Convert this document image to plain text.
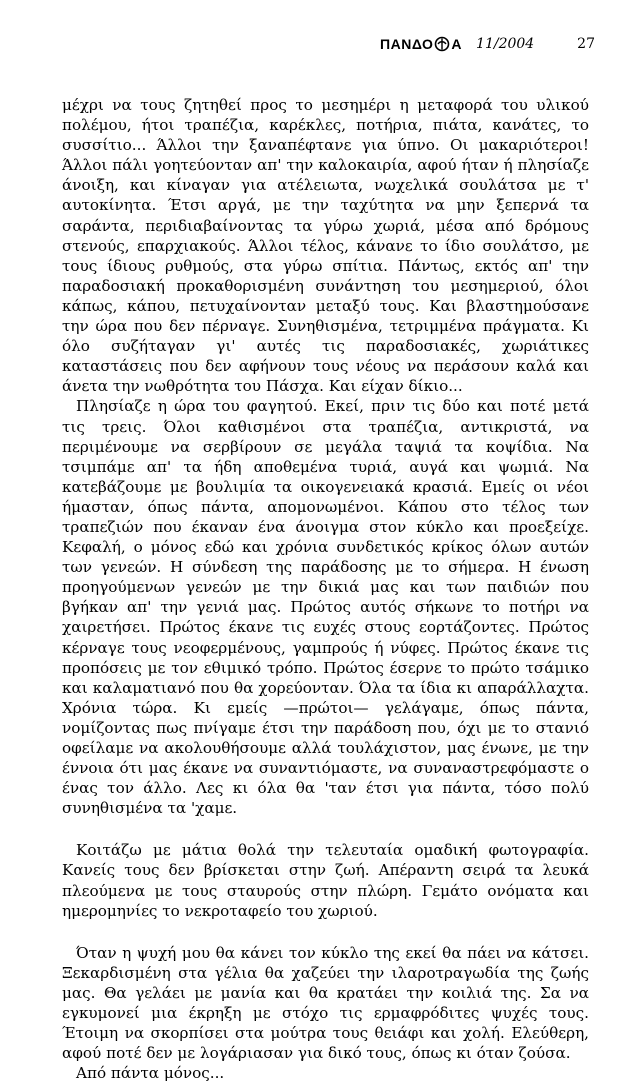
ΠΑΝΔΟ Α 11/2004	27

μέχρι να τους ζητηθεί προς το μεσημέρι η μεταφορά του υλικού πολέμου, ήτοι τραπέζια, καρέκλες, ποτήρια, πιάτα, κανάτες, το συσσίτιο... Άλλοι την ξαναπέφτανε για ύπνο. Οι μακαριότεροι! Άλλοι πάλι γοητεύονταν απ' την καλοκαιρία, αφού ήταν ή πλησίαζε άνοιξη, και κίναγαν για ατέλειωτα, νωχελικά σουλάτσα με τ' αυτοκίνητα. Έτσι αργά, με την ταχύτητα να μην ξεπερνά τα σαράντα, περιδιαβαίνοντας τα γύρω χωριά, μέσα από δρόμους στενούς, επαρχιακούς. Άλλοι τέλος, κάνανε το ίδιο σουλάτσο, με τους ίδιους ρυθμούς, στα γύρω σπίτια. Πάντως, εκτός απ' την παραδοσιακή προκαθορισμένη συνάντηση του μεσημεριού, όλοι κάπως, κάπου, πετυχαίνονταν μεταξύ τους. Και βλαστημούσανε την ώρα που δεν πέρναγε. Συνηθισμένα, τετριμμένα πράγματα. Κι όλο συζήταγαν γι' αυτές τις παραδοσιακές, χωριάτικες καταστάσεις που δεν αφήνουν τους νέους να περάσουν καλά και άνετα την νωθρότητα του Πάσχα. Και είχαν δίκιο...

Πλησίαζε η ώρα του φαγητού. Εκεί, πριν τις δύο και ποτέ μετά τις τρεις. Όλοι καθισμένοι στα τραπέζια, αντικριστά, να περιμένουμε να σερβίρουν σε μεγάλα ταψιά τα κοψίδια. Να τσιμπάμε απ' τα ήδη αποθεμένα τυριά, αυγά και ψωμιά. Να κατεβάζουμε με βουλιμία τα οικογενειακά κρασιά. Εμείς οι νέοι ήμασταν, όπως πάντα, απομονωμένοι. Κάπου στο τέλος των τραπεζιών που έκαναν ένα άνοιγμα στον κύκλο και προεξείχε. Κεφαλή, ο μόνος εδώ και χρόνια συνδετικός κρίκος όλων αυτών των γενεών. Η σύνδεση της παράδοσης με το σήμερα. Η ένωση προηγούμενων γενεών με την δικιά μας και των παιδιών που βγήκαν απ' την γενιά μας. Πρώτος αυτός σήκωνε το ποτήρι να χαιρετήσει. Πρώτος έκανε τις ευχές στους εορτάζοντες. Πρώτος κέρναγε τους νεοφερμένους, γαμπρούς ή νύφες. Πρώτος έκανε τις προπόσεις με τον εθιμικό τρόπο. Πρώτος έσερνε το πρώτο τσάμικο και καλαματιανό που θα χορεύονταν. Όλα τα ίδια κι απαράλλαχτα. Χρόνια τώρα. Κι εμείς —πρώτοι— γελάγαμε, όπως πάντα, νομίζοντας πως πνίγαμε έτσι την παράδοση που, όχι με το στανιό οφείλαμε να ακολουθήσουμε αλλά τουλάχιστον, μας ένωνε, με την έννοια ότι μας έκανε να συναντιόμαστε, να συναναστρεφόμαστε ο ένας τον άλλο. Λες κι όλα θα 'ταν έτσι για πάντα, τόσο πολύ συνηθισμένα τα 'χαμε.

Κοιτάζω με μάτια θολά την τελευταία ομαδική φωτογραφία. Κανείς τους δεν βρίσκεται στην ζωή. Απέραντη σειρά τα λευκά πλεούμενα με τους σταυρούς στην πλώρη. Γεμάτο ονόματα και ημερομηνίες το νεκροταφείο του χωριού.

Όταν η ψυχή μου θα κάνει τον κύκλο της εκεί θα πάει να κάτσει. Ξεκαρδισμένη στα γέλια θα χαζεύει την ιλαροτραγωδία της ζωής μας. Θα γελάει με μανία και θα κρατάει την κοιλιά της. Σα να εγκυμονεί μια έκρηξη με στόχο τις ερμαφρόδιτες ψυχές τους. Έτοιμη να σκορπίσει στα μούτρα τους θειάφι και χολή. Ελεύθερη, αφού ποτέ δεν με λογάριασαν για δικό τους, όπως κι όταν ζούσα.

Από πάντα μόνος...
